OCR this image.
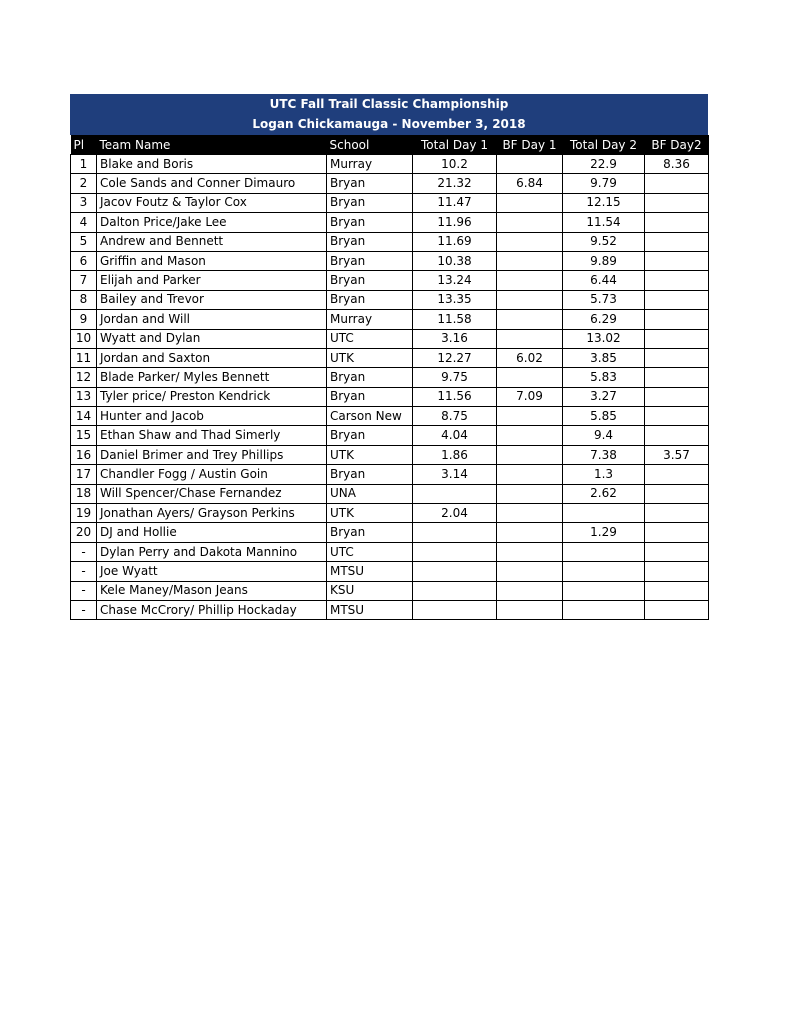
UTC Fall Trail Classic Championship
Logan Chickamauga - November 3, 2018
Pl	Team Name	School	Total Day 1	BF Day 1	Total Day 2	BF Day2
1	Blake and Boris	Murray	10.2		22.9	8.36
2	Cole Sands and Conner Dimauro	Bryan	21.32	6.84	9.79	
3	Jacov Foutz & Taylor Cox	Bryan	11.47		12.15	
4	Dalton Price/Jake Lee	Bryan	11.96		11.54	
5	Andrew and Bennett	Bryan	11.69		9.52	
6	Griffin and Mason	Bryan	10.38		9.89	
7	Elijah and Parker	Bryan	13.24		6.44	
8	Bailey and Trevor	Bryan	13.35		5.73	
9	Jordan and Will	Murray	11.58		6.29	
10	Wyatt and Dylan	UTC	3.16		13.02	
11	Jordan and Saxton	UTK	12.27	6.02	3.85	
12	Blade Parker/ Myles Bennett	Bryan	9.75		5.83	
13	Tyler price/ Preston Kendrick	Bryan	11.56	7.09	3.27	
14	Hunter and Jacob	Carson New	8.75		5.85	
15	Ethan Shaw and Thad Simerly	Bryan	4.04		9.4	
16	Daniel Brimer and Trey Phillips	UTK	1.86		7.38	3.57
17	Chandler Fogg / Austin Goin	Bryan	3.14		1.3	
18	Will Spencer/Chase Fernandez	UNA			2.62	
19	Jonathan Ayers/ Grayson Perkins	UTK	2.04			
20	DJ and Hollie	Bryan			1.29	
-	Dylan Perry and Dakota Mannino	UTC				
-	Joe Wyatt	MTSU				
-	Kele Maney/Mason Jeans	KSU				
-	Chase McCrory/ Phillip Hockaday	MTSU				
